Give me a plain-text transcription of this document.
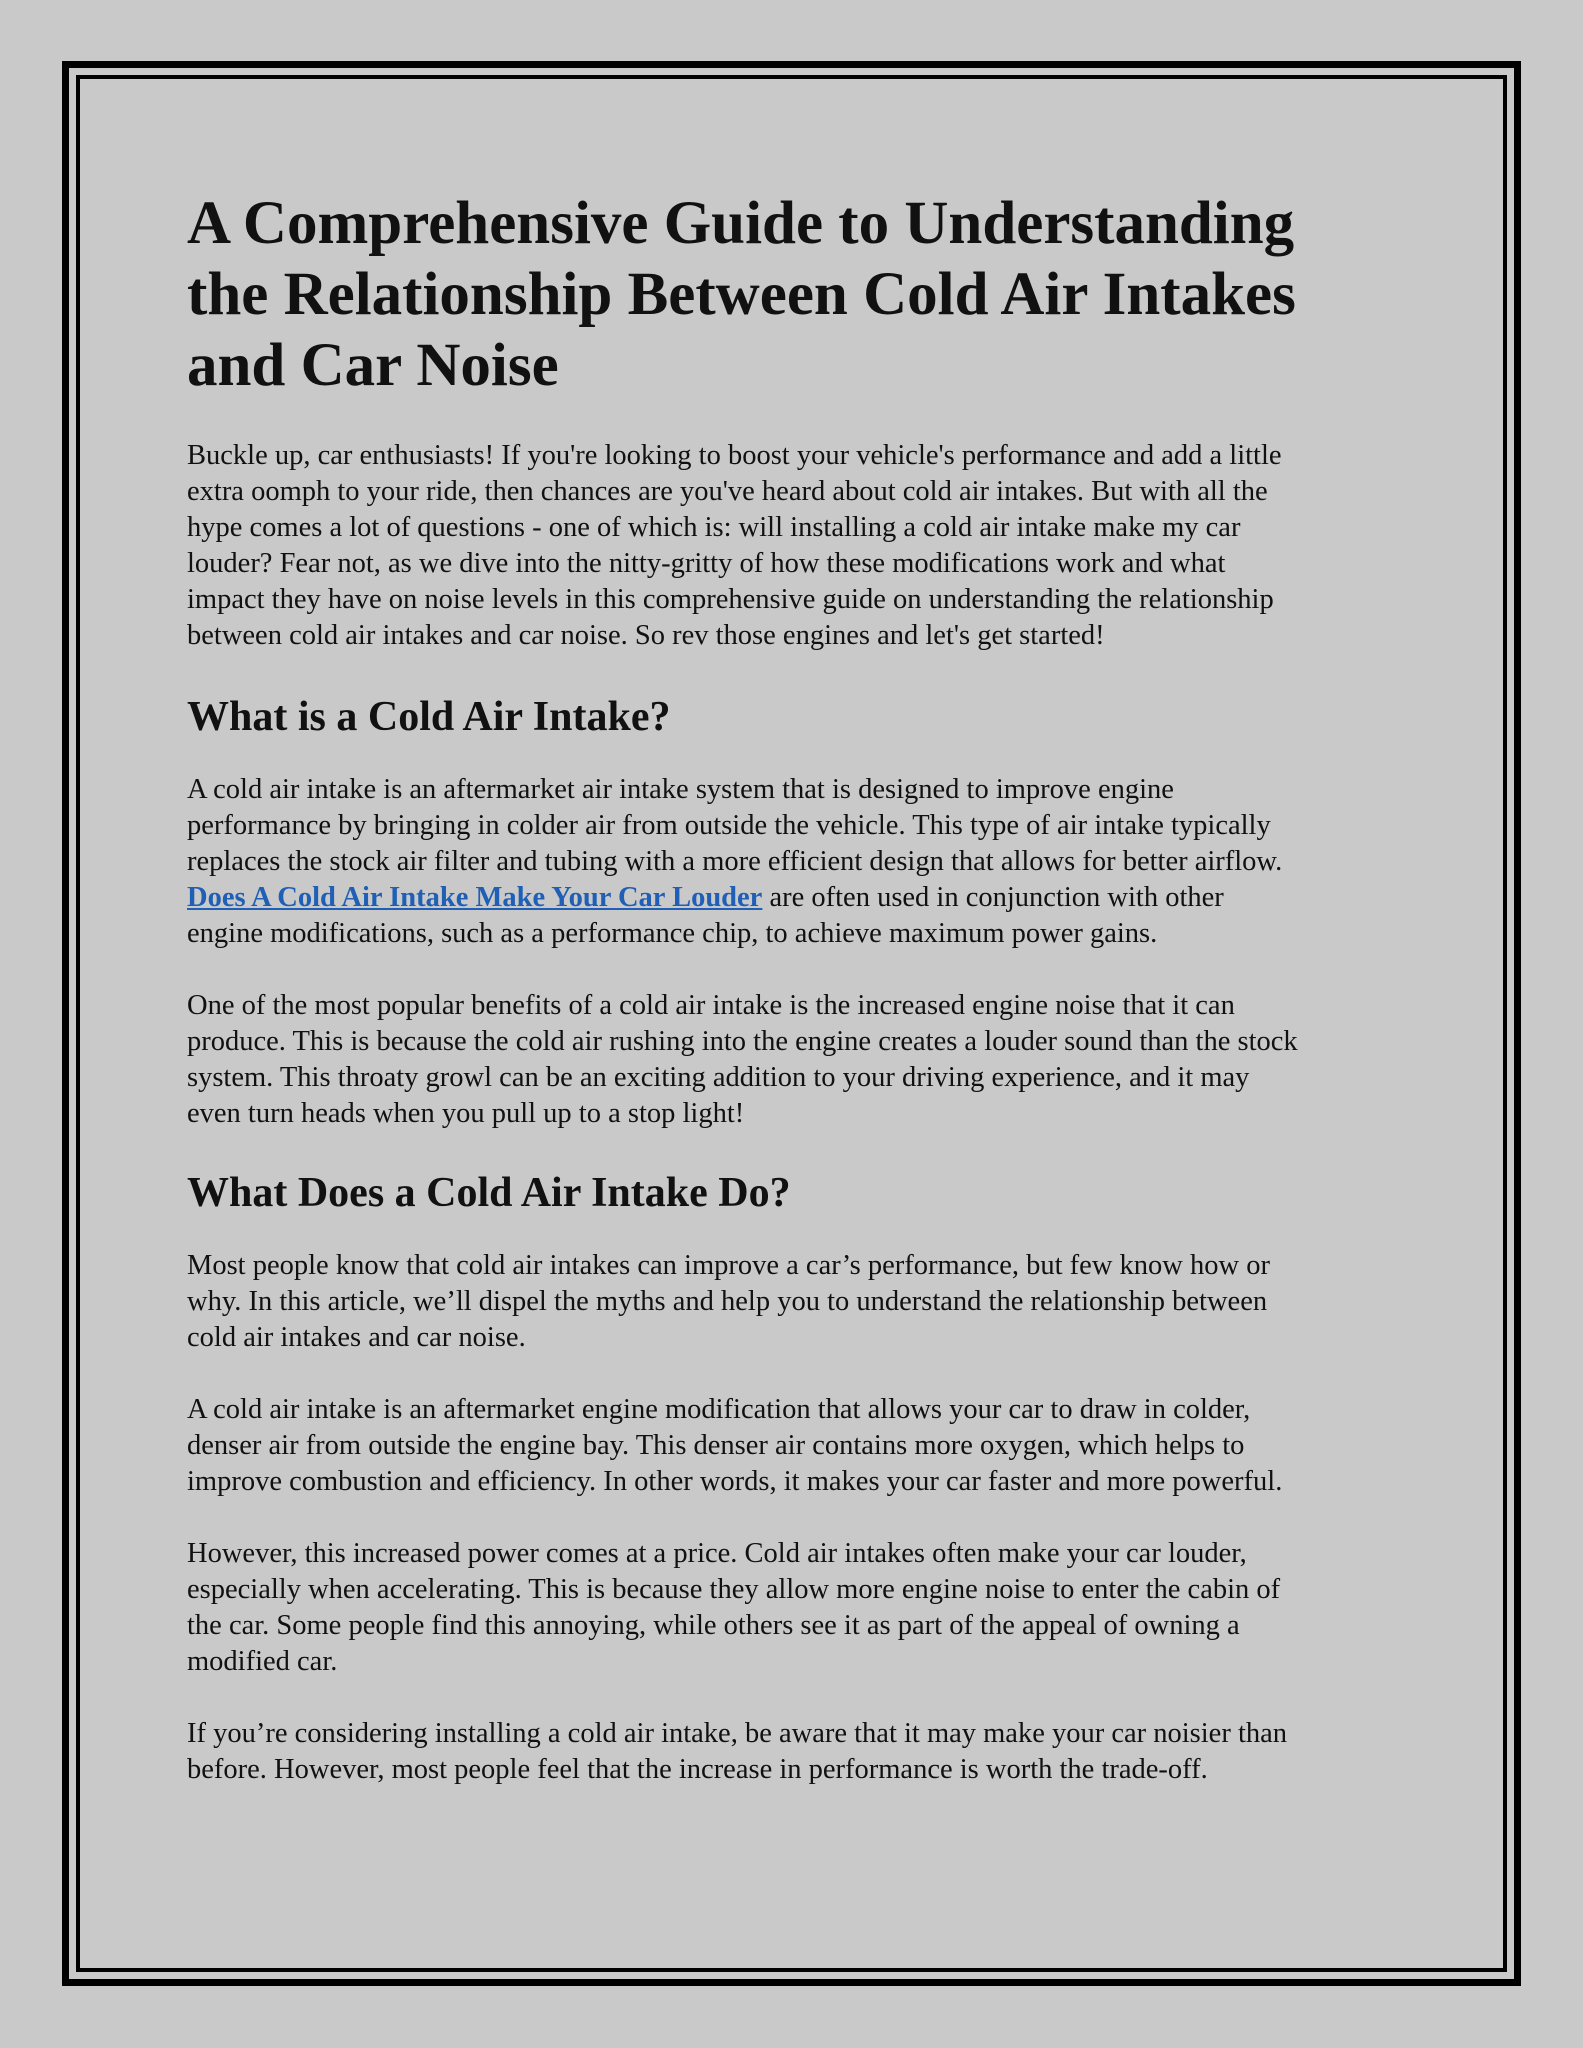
A Comprehensive Guide to Understanding
the Relationship Between Cold Air Intakes
and Car Noise

Buckle up, car enthusiasts! If you're looking to boost your vehicle's performance and add a little
extra oomph to your ride, then chances are you've heard about cold air intakes. But with all the
hype comes a lot of questions - one of which is: will installing a cold air intake make my car
louder? Fear not, as we dive into the nitty-gritty of how these modifications work and what
impact they have on noise levels in this comprehensive guide on understanding the relationship
between cold air intakes and car noise. So rev those engines and let's get started!

What is a Cold Air Intake?

A cold air intake is an aftermarket air intake system that is designed to improve engine
performance by bringing in colder air from outside the vehicle. This type of air intake typically
replaces the stock air filter and tubing with a more efficient design that allows for better airflow.
Does A Cold Air Intake Make Your Car Louder are often used in conjunction with other
engine modifications, such as a performance chip, to achieve maximum power gains.

One of the most popular benefits of a cold air intake is the increased engine noise that it can
produce. This is because the cold air rushing into the engine creates a louder sound than the stock
system. This throaty growl can be an exciting addition to your driving experience, and it may
even turn heads when you pull up to a stop light!

What Does a Cold Air Intake Do?

Most people know that cold air intakes can improve a car’s performance, but few know how or
why. In this article, we’ll dispel the myths and help you to understand the relationship between
cold air intakes and car noise.

A cold air intake is an aftermarket engine modification that allows your car to draw in colder,
denser air from outside the engine bay. This denser air contains more oxygen, which helps to
improve combustion and efficiency. In other words, it makes your car faster and more powerful.

However, this increased power comes at a price. Cold air intakes often make your car louder,
especially when accelerating. This is because they allow more engine noise to enter the cabin of
the car. Some people find this annoying, while others see it as part of the appeal of owning a
modified car.

If you’re considering installing a cold air intake, be aware that it may make your car noisier than
before. However, most people feel that the increase in performance is worth the trade-off.
